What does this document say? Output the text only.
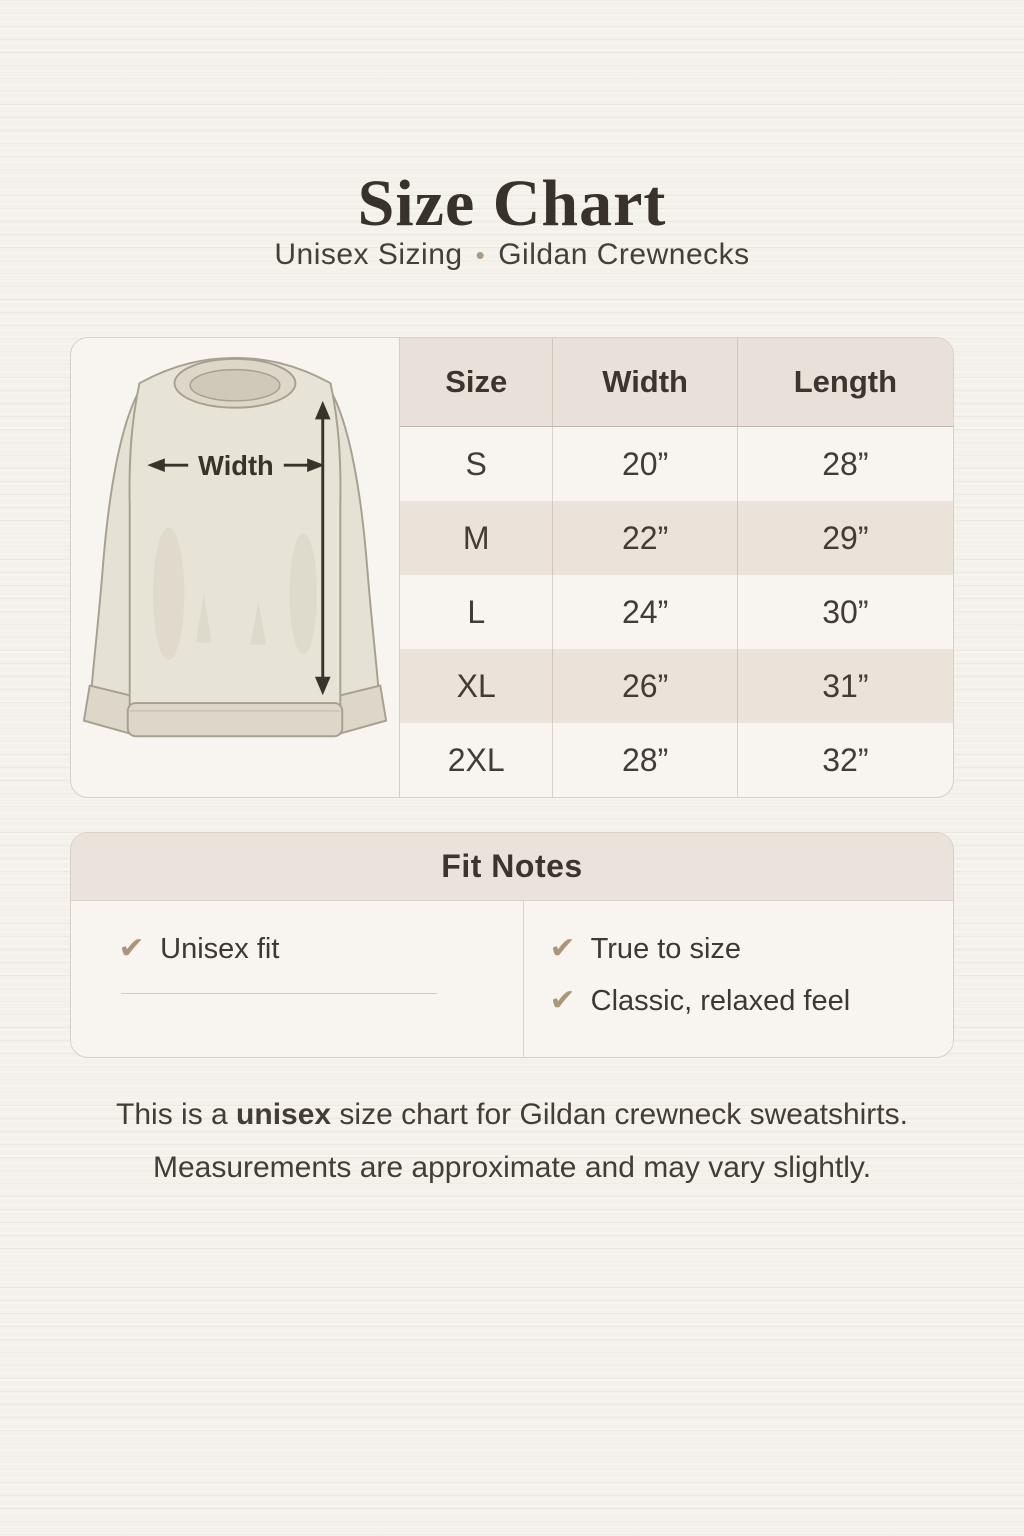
Size Chart
Unisex Sizing • Gildan Crewnecks
Width
Size	Width	Length
S	20”	28”
M	22”	29”
L	24”	30”
XL	26”	31”
2XL	28”	32”
Fit Notes
✔ Unisex fit	✔ True to size
✔ Classic, relaxed feel

This is a unisex size chart for Gildan crewneck sweatshirts.

Measurements are approximate and may vary slightly.
